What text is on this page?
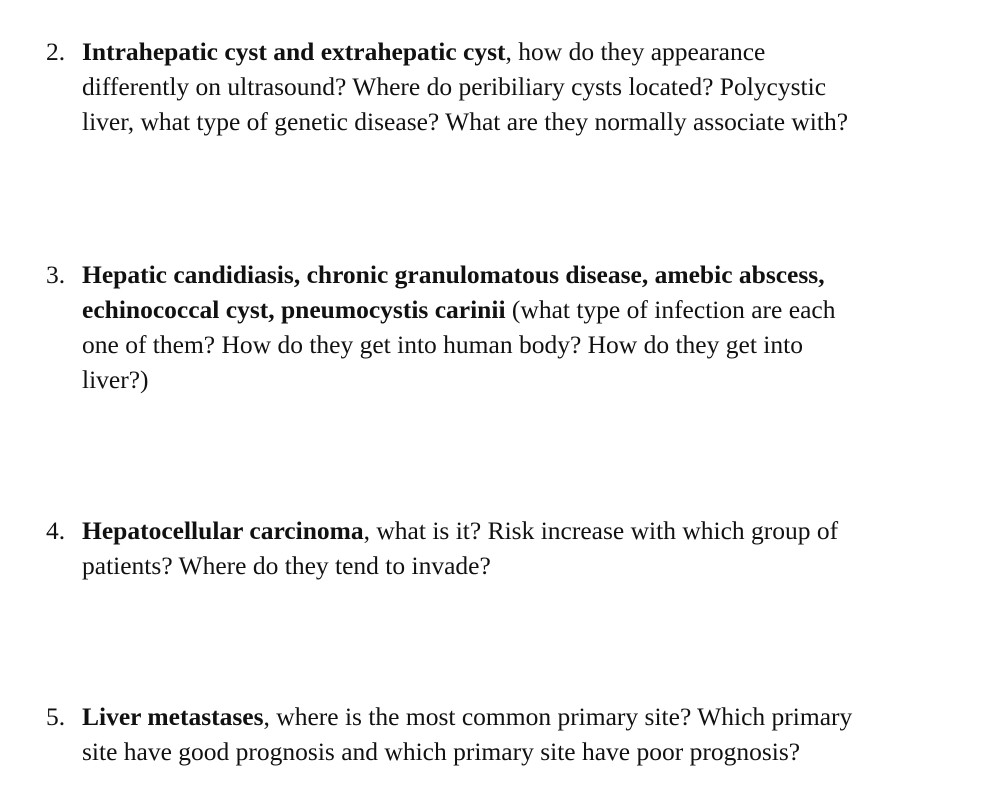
2. Intrahepatic cyst and extrahepatic cyst, how do they appearance
differently on ultrasound? Where do peribiliary cysts located? Polycystic
liver, what type of genetic disease? What are they normally associate with?
3. Hepatic candidiasis, chronic granulomatous disease, amebic abscess,
echinococcal cyst, pneumocystis carinii (what type of infection are each
one of them? How do they get into human body? How do they get into
liver?)
4. Hepatocellular carcinoma, what is it? Risk increase with which group of
patients? Where do they tend to invade?
5. Liver metastases, where is the most common primary site? Which primary
site have good prognosis and which primary site have poor prognosis?
